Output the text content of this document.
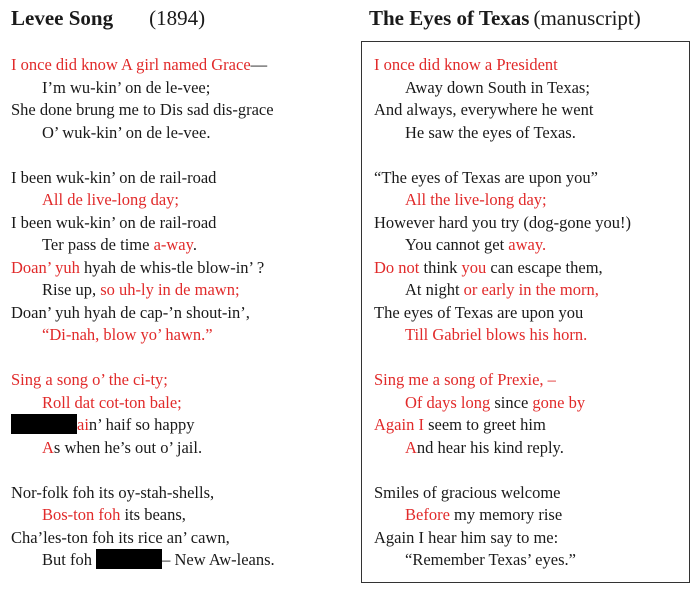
Levee Song (1894)
I once did know A girl named Grace—
I’m wu-kin’ on de le-vee;
She done brung me to Dis sad dis-grace
O’ wuk-kin’ on de le-vee.
I been wuk-kin’ on de rail-road
All de live-long day;
I been wuk-kin’ on de rail-road
Ter pass de time a-way.
Doan’ yuh hyah de whis-tle blow-in’ ?
Rise up, so uh-ly in de mawn;
Doan’ yuh hyah de cap-’n shout-in’,
“Di-nah, blow yo’ hawn.”
Sing a song o’ the ci-ty;
Roll dat cot-ton bale;
ain’ haif so happy
As when he’s out o’ jail.
Nor-folk foh its oy-stah-shells,
Bos-ton foh its beans,
Cha’les-ton foh its rice an’ cawn,
But foh	– New Aw-leans.
The Eyes of Texas (manuscript)
I once did know a President
Away down South in Texas;
And always, everywhere he went
He saw the eyes of Texas.
“The eyes of Texas are upon you”
All the live-long day;
However hard you try (dog-gone you!)
You cannot get away.
Do not think you can escape them,
At night or early in the morn,
The eyes of Texas are upon you
Till Gabriel blows his horn.
Sing me a song of Prexie, –
Of days long since gone by
Again I seem to greet him
And hear his kind reply.
Smiles of gracious welcome
Before my memory rise
Again I hear him say to me:
“Remember Texas’ eyes.”
